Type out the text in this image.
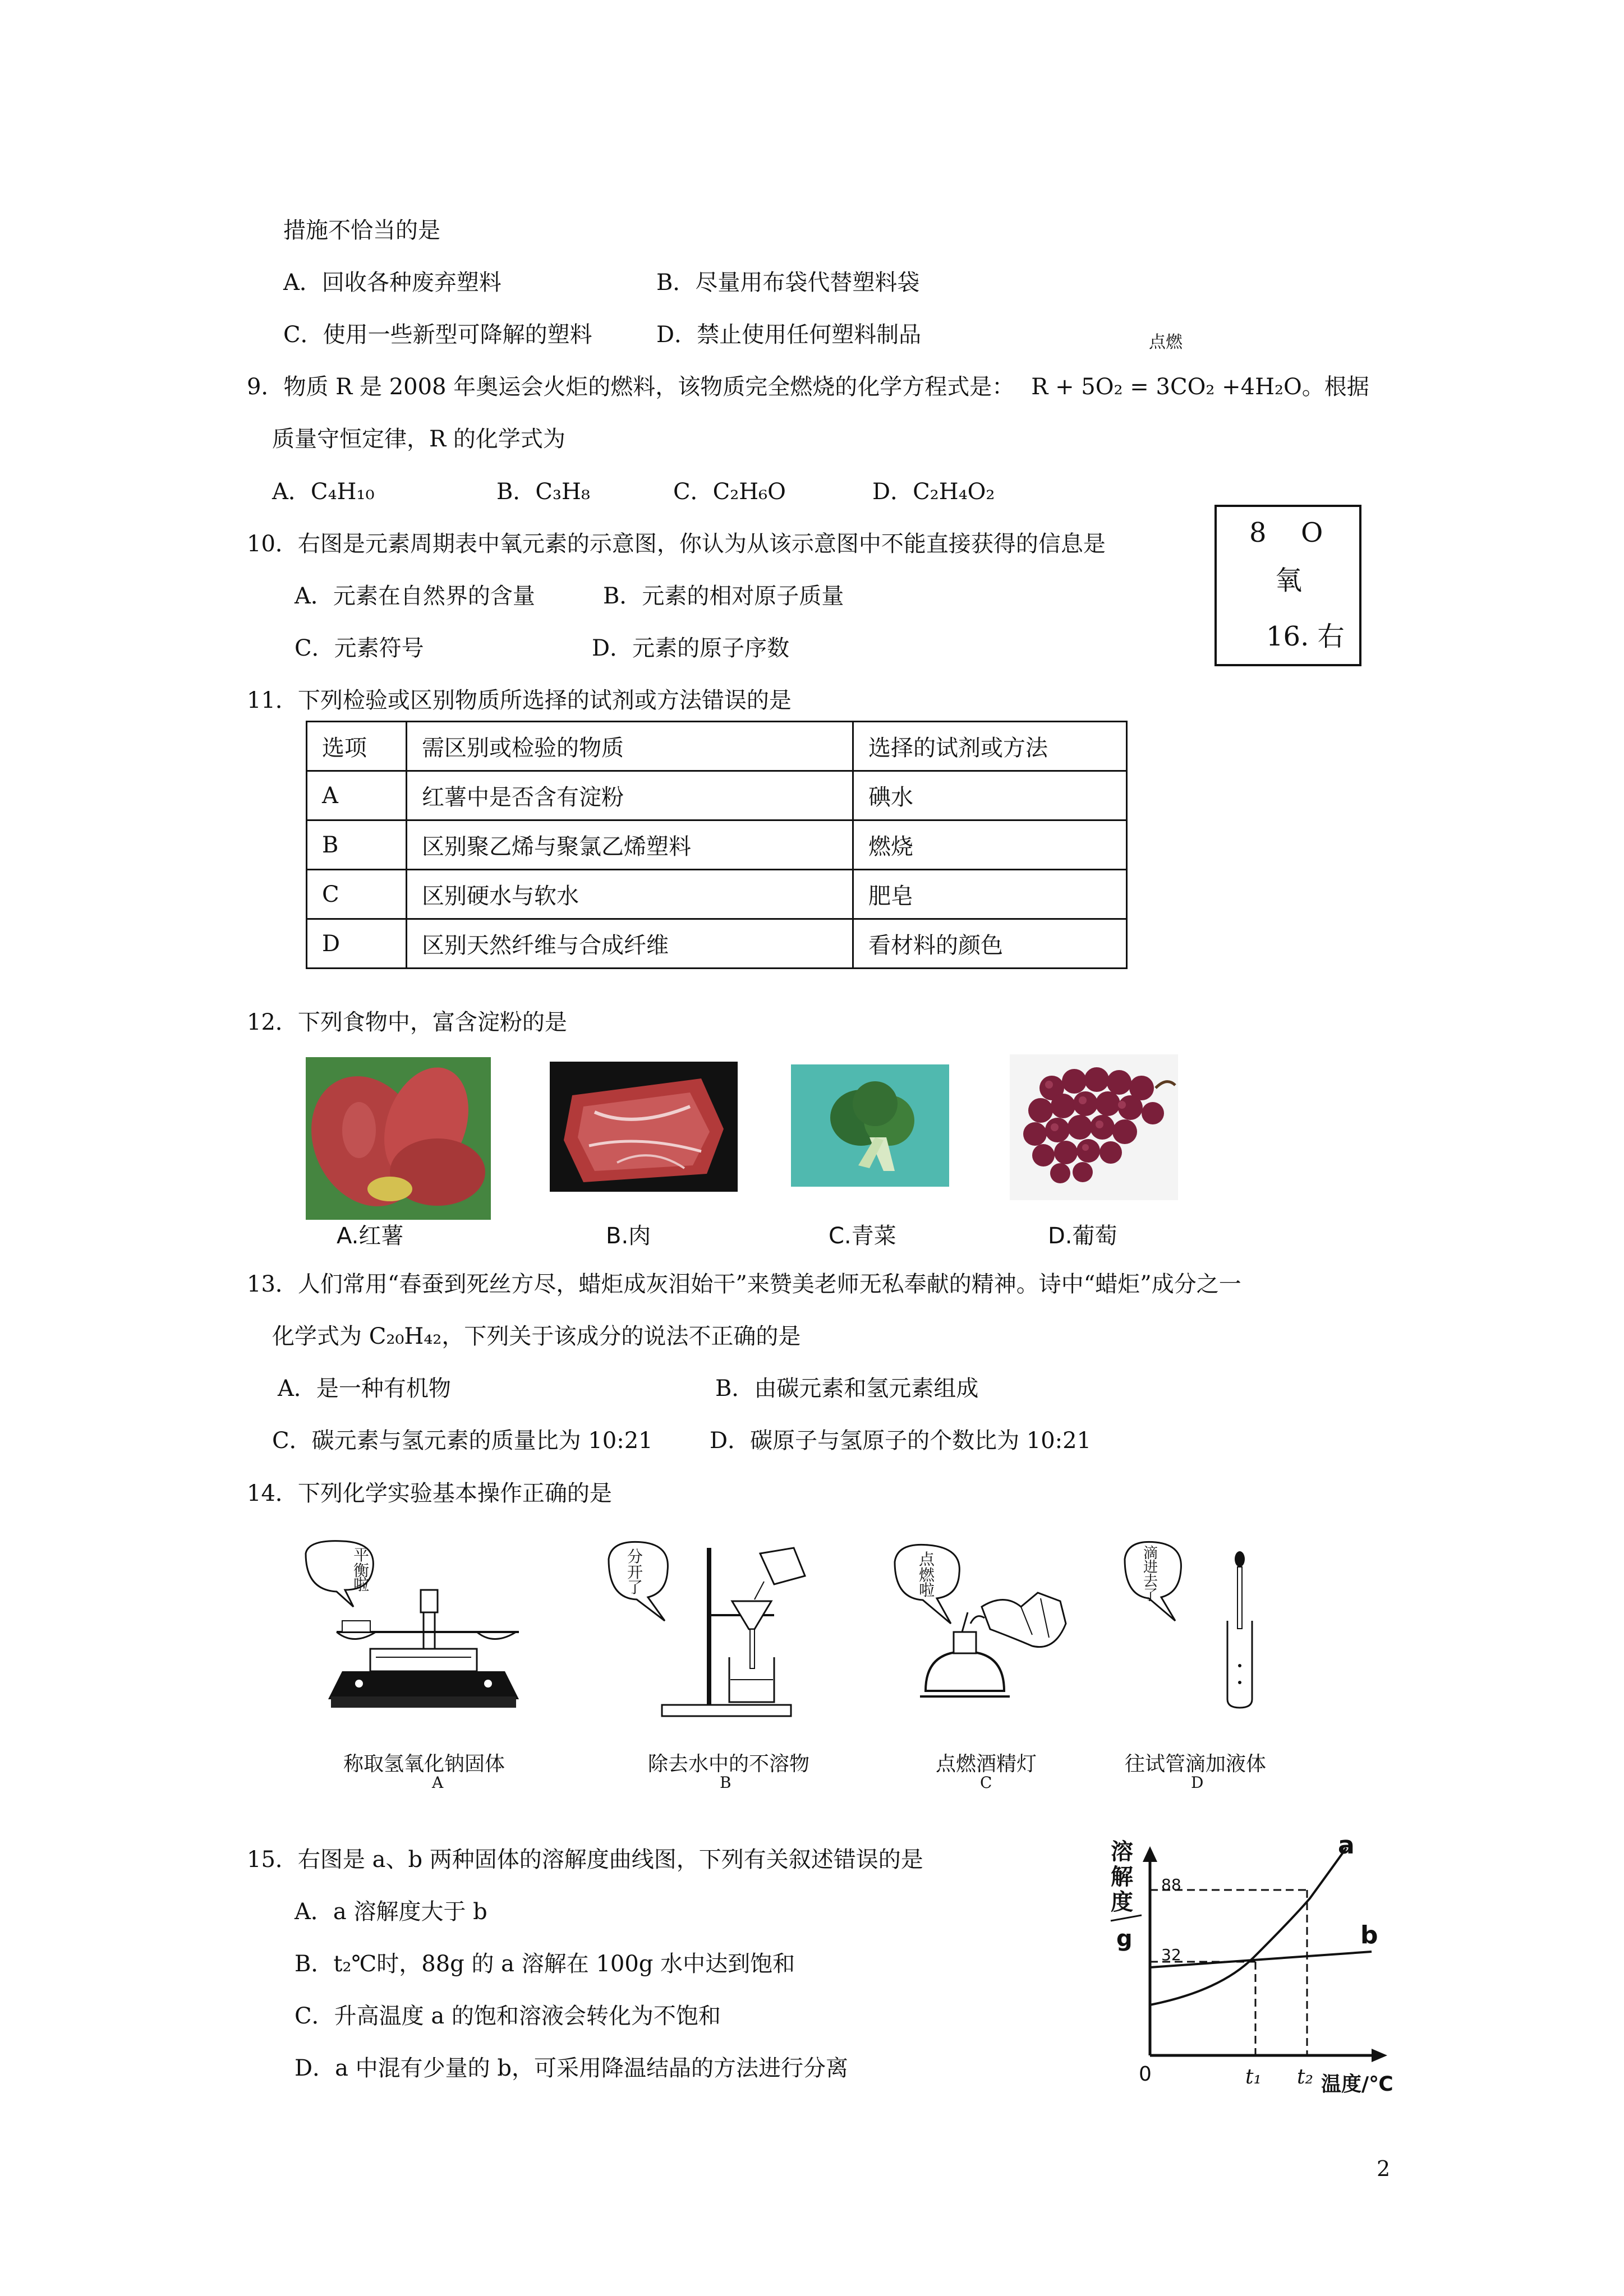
措施不恰当的是
A．回收各种废弃塑料	B．尽量用布袋代替塑料袋
C．使用一些新型可降解的塑料	D．禁止使用任何塑料制品	点燃
9．物质 R 是 2008 年奥运会火炬的燃料，该物质完全燃烧的化学方程式是： R + 5O₂ = 3CO₂ +4H₂O。根据
质量守恒定律，R 的化学式为
A．C₄H₁₀	B．C₃H₈	C．C₂H₆O	D．C₂H₄O₂
10．右图是元素周期表中氧元素的示意图，你认为从该示意图中不能直接获得的信息是
A．元素在自然界的含量	B．元素的相对原子质量
C．元素符号	D．元素的原子序数
8 O
氧
16. 右
11．下列检验或区别物质所选择的试剂或方法错误的是
选项	需区别或检验的物质	选择的试剂或方法
A	红薯中是否含有淀粉	碘水
B	区别聚乙烯与聚氯乙烯塑料	燃烧
C	区别硬水与软水	肥皂
D	区别天然纤维与合成纤维	看材料的颜色
12．下列食物中，富含淀粉的是
A.红薯	B.肉	C.青菜	D.葡萄
13．人们常用“春蚕到死丝方尽，蜡炬成灰泪始干”来赞美老师无私奉献的精神。诗中“蜡炬”成分之一
化学式为 C₂₀H₄₂，下列关于该成分的说法不正确的是
A．是一种有机物	B．由碳元素和氢元素组成
C．碳元素与氢元素的质量比为 10:21	D．碳原子与氢原子的个数比为 10:21
14．下列化学实验基本操作正确的是
平 衡 啦
分 开 了
点 燃 啦
滴 进 去 了
称取氢氧化钠固体
A
除去水中的不溶物
B
点燃酒精灯
C
往试管滴加液体
D
15．右图是 a、b 两种固体的溶解度曲线图，下列有关叙述错误的是
A．a 溶解度大于 b
B．t₂℃时，88g 的 a 溶解在 100g 水中达到饱和
C．升高温度 a 的饱和溶液会转化为不饱和
D．a 中混有少量的 b，可采用降温结晶的方法进行分离
溶 解 度
g
88
32
0	t₁ t₂ 温度/℃
a
b
2
